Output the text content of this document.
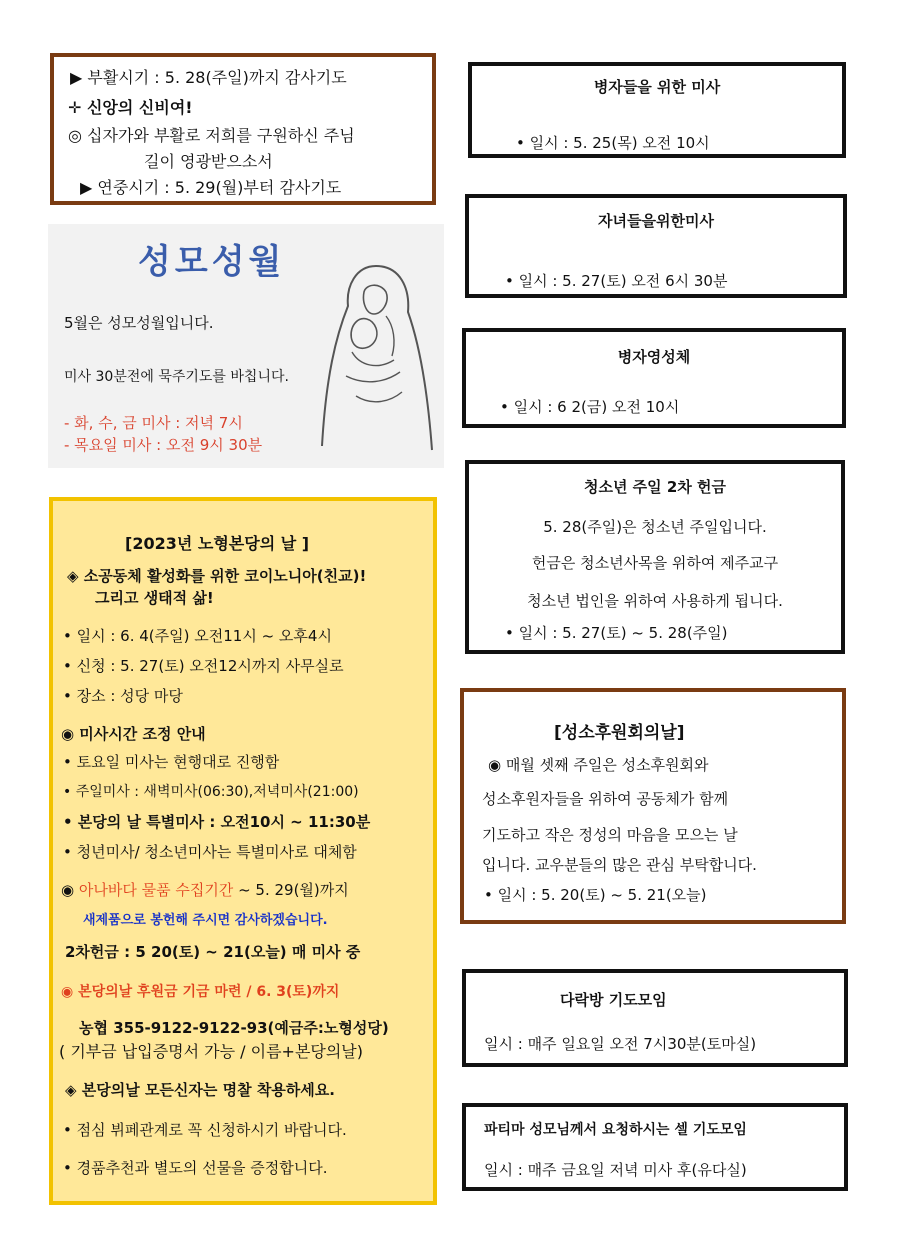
▶ 부활시기 : 5. 28(주일)까지 감사기도
✛ 신앙의 신비여!
◎ 십자가와 부활로 저희를 구원하신 주님
길이 영광받으소서
▶ 연중시기 : 5. 29(월)부터 감사기도
성모성월
5월은 성모성월입니다.
미사 30분전에 묵주기도를 바칩니다.
- 화, 수, 금 미사 : 저녁 7시
- 목요일 미사 : 오전 9시 30분
[2023년 노형본당의 날 ]
◈ 소공동체 활성화를 위한 코이노니아(친교)!
그리고 생태적 삶!
• 일시 : 6. 4(주일) 오전11시 ~ 오후4시
• 신청 : 5. 27(토) 오전12시까지 사무실로
• 장소 : 성당 마당
◉ 미사시간 조정 안내
• 토요일 미사는 현행대로 진행함
• 주일미사 : 새벽미사(06:30),저녁미사(21:00)
• 본당의 날 특별미사 : 오전10시 ~ 11:30분
• 청년미사/ 청소년미사는 특별미사로 대체함
◉ 아나바다 물품 수집기간 ~ 5. 29(월)까지
새제품으로 봉헌해 주시면 감사하겠습니다.
2차헌금 : 5 20(토) ~ 21(오늘) 매 미사 중
◉ 본당의날 후원금 기금 마련 / 6. 3(토)까지
농협 355-9122-9122-93(예금주:노형성당)
( 기부금 납입증명서 가능 / 이름+본당의날)
◈ 본당의날 모든신자는 명찰 착용하세요.
• 점심 뷔페관계로 꼭 신청하시기 바랍니다.
• 경품추천과 별도의 선물을 증정합니다.
병자들을 위한 미사
• 일시 : 5. 25(목) 오전 10시
자녀들을위한미사
• 일시 : 5. 27(토) 오전 6시 30분
병자영성체
• 일시 : 6 2(금) 오전 10시
청소년 주일 2차 헌금
5. 28(주일)은 청소년 주일입니다.
헌금은 청소년사목을 위하여 제주교구
청소년 법인을 위하여 사용하게 됩니다.
• 일시 : 5. 27(토) ~ 5. 28(주일)
[성소후원회의날]
◉ 매월 셋째 주일은 성소후원회와
성소후원자들을 위하여 공동체가 함께
기도하고 작은 정성의 마음을 모으는 날
입니다. 교우분들의 많은 관심 부탁합니다.
• 일시 : 5. 20(토) ~ 5. 21(오늘)
다락방 기도모임
일시 : 매주 일요일 오전 7시30분(토마실)
파티마 성모님께서 요청하시는 셀 기도모임
일시 : 매주 금요일 저녁 미사 후(유다실)
